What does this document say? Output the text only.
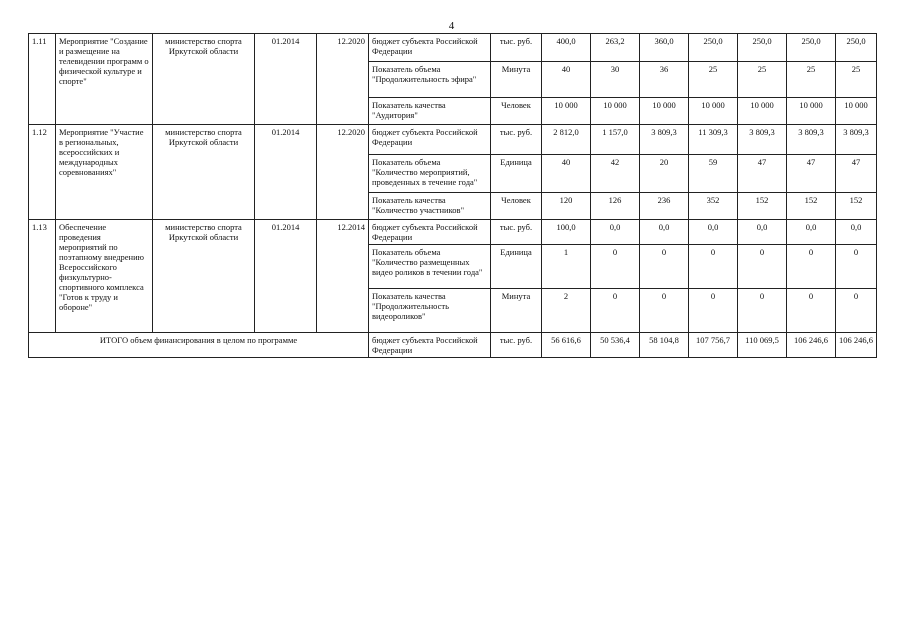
4
1.11	Мероприятие "Создание и размещение на телевидении программ о физической культуре и спорте"	министерство спорта Иркутской области	01.2014	12.2020	бюджет субъекта Российской Федерации	тыс. руб.	400,0	263,2	360,0	250,0	250,0	250,0	250,0
					Показатель объема "Продолжительность эфира"	Минута	40	30	36	25	25	25	25
					Показатель качества "Аудитория"	Человек	10 000	10 000	10 000	10 000	10 000	10 000	10 000
1.12	Мероприятие "Участие в региональных, всероссийских и международных соревнованиях"	министерство спорта Иркутской области	01.2014	12.2020	бюджет субъекта Российской Федерации	тыс. руб.	2 812,0	1 157,0	3 809,3	11 309,3	3 809,3	3 809,3	3 809,3
					Показатель объема "Количество мероприятий, проведенных в течение года"	Единица	40	42	20	59	47	47	47
					Показатель качества "Количество участников"	Человек	120	126	236	352	152	152	152
1.13	Обеспечение проведения мероприятий по поэтапному внедрению Всероссийского физкультурно-спортивного комплекса "Готов к труду и обороне"	министерство спорта Иркутской области	01.2014	12.2014	бюджет субъекта Российской Федерации	тыс. руб.	100,0	0,0	0,0	0,0	0,0	0,0	0,0
					Показатель объема "Количество размещенных видео роликов в течении года"	Единица	1	0	0	0	0	0	0
					Показатель качества "Продолжительность видеороликов"	Минута	2	0	0	0	0	0	0
ИТОГО объем финансирования в целом по программе					бюджет субъекта Российской Федерации	тыс. руб.	56 616,6	50 536,4	58 104,8	107 756,7	110 069,5	106 246,6	106 246,6
